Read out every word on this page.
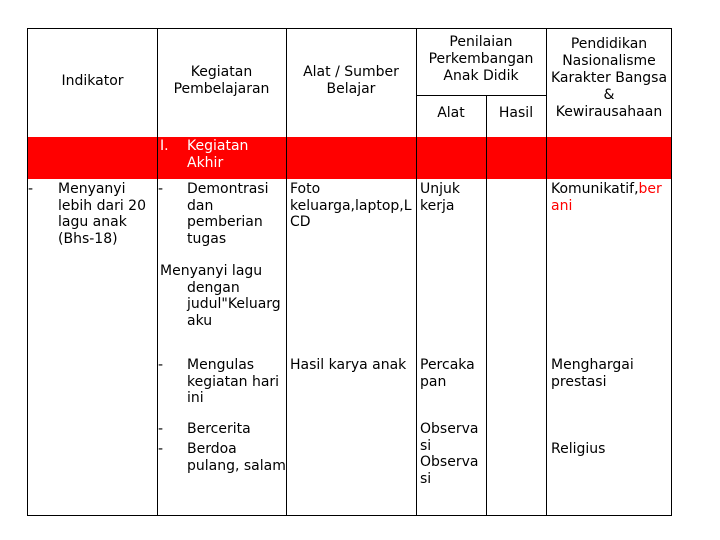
Indikator
Kegiatan
Pembelajaran
Alat / Sumber
Belajar
Penilaian
Perkembangan
Anak Didik
Alat	Hasil
Pendidikan
Nasionalisme
Karakter Bangsa
&
Kewirausahaan
I. Kegiatan
Akhir
- Menyanyi
lebih dari 20
lagu anak
(Bhs-18)
- Demontrasi
dan
pemberian
tugas
Menyanyi lagu
dengan
judul"Keluarg
aku
- Mengulas
kegiatan hari
ini
- Bercerita
- Berdoa
pulang, salam
Foto
keluarga,laptop,L
CD
Hasil karya anak
Unjuk
kerja
Percaka
pan
Observa
si
Observa
si
Komunikatif,ber
ani
Menghargai
prestasi
Religius
